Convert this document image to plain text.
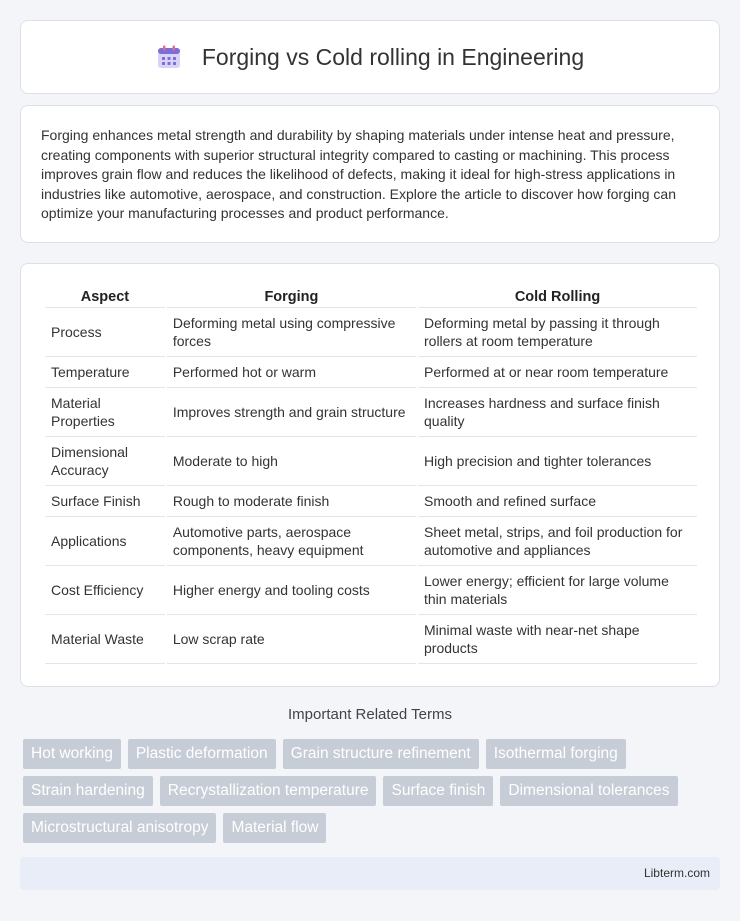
Forging vs Cold rolling in Engineering

Forging enhances metal strength and durability by shaping materials under intense heat and pressure, creating components with superior structural integrity compared to casting or machining. This process improves grain flow and reduces the likelihood of defects, making it ideal for high-stress applications in industries like automotive, aerospace, and construction. Explore the article to discover how forging can optimize your manufacturing processes and product performance.

Aspect	Forging	Cold Rolling
Process	Deforming metal using compressive forces	Deforming metal by passing it through rollers at room temperature
Temperature	Performed hot or warm	Performed at or near room temperature
Material Properties	Improves strength and grain structure	Increases hardness and surface finish quality
Dimensional Accuracy	Moderate to high	High precision and tighter tolerances
Surface Finish	Rough to moderate finish	Smooth and refined surface
Applications	Automotive parts, aerospace components, heavy equipment	Sheet metal, strips, and foil production for automotive and appliances
Cost Efficiency	Higher energy and tooling costs	Lower energy; efficient for large volume thin materials
Material Waste	Low scrap rate	Minimal waste with near-net shape products
Important Related Terms
Hot working	Plastic deformation	Grain structure refinement	Isothermal forging
Strain hardening	Recrystallization temperature	Surface finish	Dimensional tolerances
Microstructural anisotropy	Material flow
Libterm.com
